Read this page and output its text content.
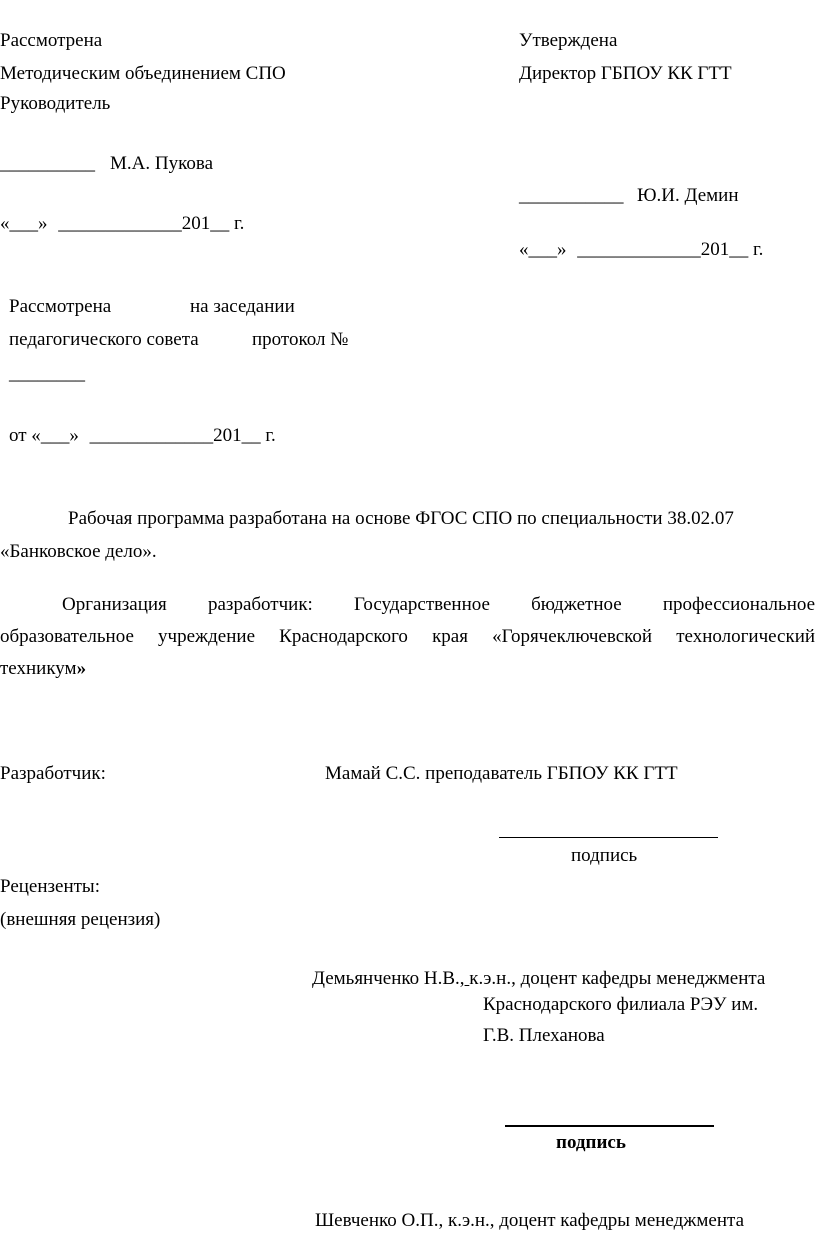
Рассмотрена
Методическим объединением СПО
Руководитель
__________ М.А. Пукова
«___» _____________201__ г.
Утверждена
Директор ГБПОУ КК ГТТ
___________ Ю.И. Демин
«___» _____________201__ г.
Рассмотрена	на заседании
педагогического совета	протокол №
________
от «___» _____________201__ г.
Рабочая программа разработана на основе ФГОС СПО по специальности 38.02.07
«Банковское дело».
Организация разработчик: Государственное бюджетное профессиональное
образовательное учреждение Краснодарского края «Горячеключевской технологический
техникум»
Разработчик:	Мамай С.С. преподаватель ГБПОУ КК ГТТ
подпись
Рецензенты:
(внешняя рецензия)
Демьянченко Н.В., к.э.н., доцент кафедры менеджмента
Краснодарского филиала РЭУ им.
Г.В. Плеханова
подпись
Шевченко О.П., к.э.н., доцент кафедры менеджмента
